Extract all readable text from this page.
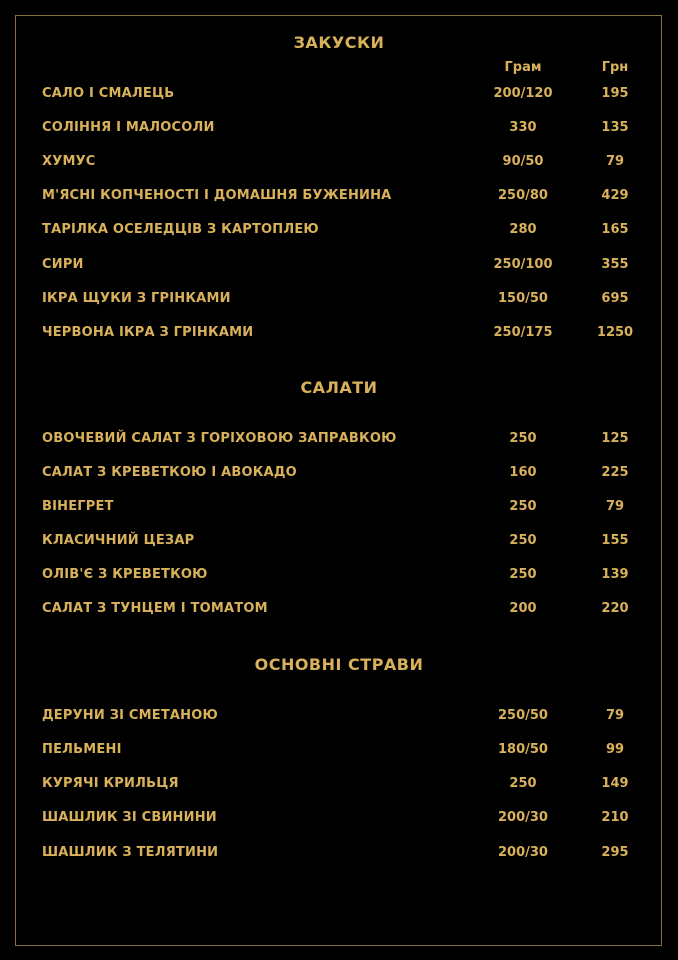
ЗАКУСКИ
Грам	Грн
САЛО І СМАЛЕЦЬ	200/120	195
СОЛІННЯ І МАЛОСОЛИ	330	135
ХУМУС	90/50	79
М'ЯСНІ КОПЧЕНОСТІ І ДОМАШНЯ БУЖЕНИНА	250/80	429
ТАРІЛКА ОСЕЛЕДЦІВ З КАРТОПЛЕЮ	280	165
СИРИ	250/100	355
ІКРА ЩУКИ З ГРІНКАМИ	150/50	695
ЧЕРВОНА ІКРА З ГРІНКАМИ	250/175	1250
САЛАТИ
ОВОЧЕВИЙ САЛАТ З ГОРІХОВОЮ ЗАПРАВКОЮ	250	125
САЛАТ З КРЕВЕТКОЮ І АВОКАДО	160	225
ВІНЕГРЕТ	250	79
КЛАСИЧНИЙ ЦЕЗАР	250	155
ОЛІВ'Є З КРЕВЕТКОЮ	250	139
САЛАТ З ТУНЦЕМ І ТОМАТОМ	200	220
ОСНОВНІ СТРАВИ
ДЕРУНИ ЗІ СМЕТАНОЮ	250/50	79
ПЕЛЬМЕНІ	180/50	99
КУРЯЧІ КРИЛЬЦЯ	250	149
ШАШЛИК ЗІ СВИНИНИ	200/30	210
ШАШЛИК З ТЕЛЯТИНИ	200/30	295
